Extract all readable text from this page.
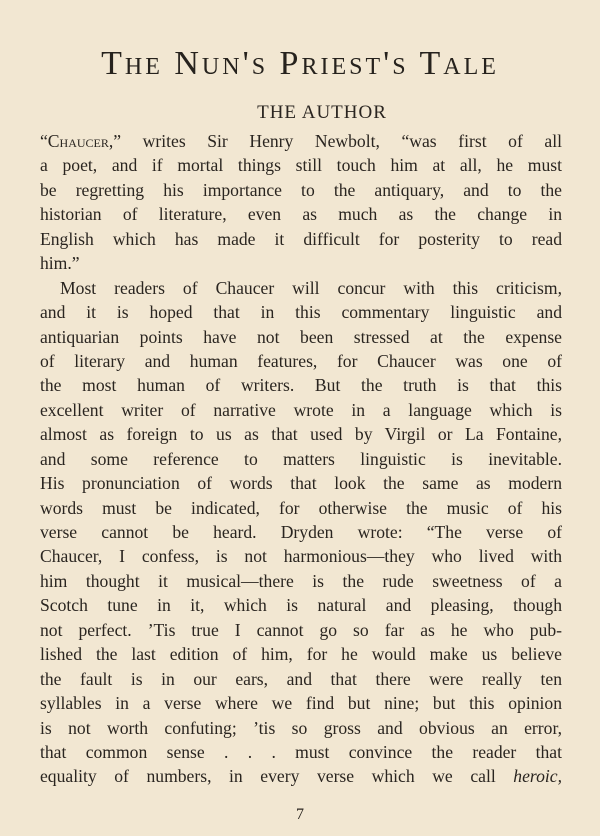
The Nun's Priest's Tale
THE AUTHOR
“Chaucer,” writes Sir Henry Newbolt, “was first of all
a poet, and if mortal things still touch him at all, he must
be regretting his importance to the antiquary, and to the
historian of literature, even as much as the change in
English which has made it difficult for posterity to read
him.”
Most readers of Chaucer will concur with this criticism,
and it is hoped that in this commentary linguistic and
antiquarian points have not been stressed at the expense
of literary and human features, for Chaucer was one of
the most human of writers. But the truth is that this
excellent writer of narrative wrote in a language which is
almost as foreign to us as that used by Virgil or La Fontaine,
and some reference to matters linguistic is inevitable.
His pronunciation of words that look the same as modern
words must be indicated, for otherwise the music of his
verse cannot be heard. Dryden wrote: “The verse of
Chaucer, I confess, is not harmonious—they who lived with
him thought it musical—there is the rude sweetness of a
Scotch tune in it, which is natural and pleasing, though
not perfect. ’Tis true I cannot go so far as he who pub-
lished the last edition of him, for he would make us believe
the fault is in our ears, and that there were really ten
syllables in a verse where we find but nine; but this opinion
is not worth confuting; ’tis so gross and obvious an error,
that common sense . . . must convince the reader that
equality of numbers, in every verse which we call heroic,
7
